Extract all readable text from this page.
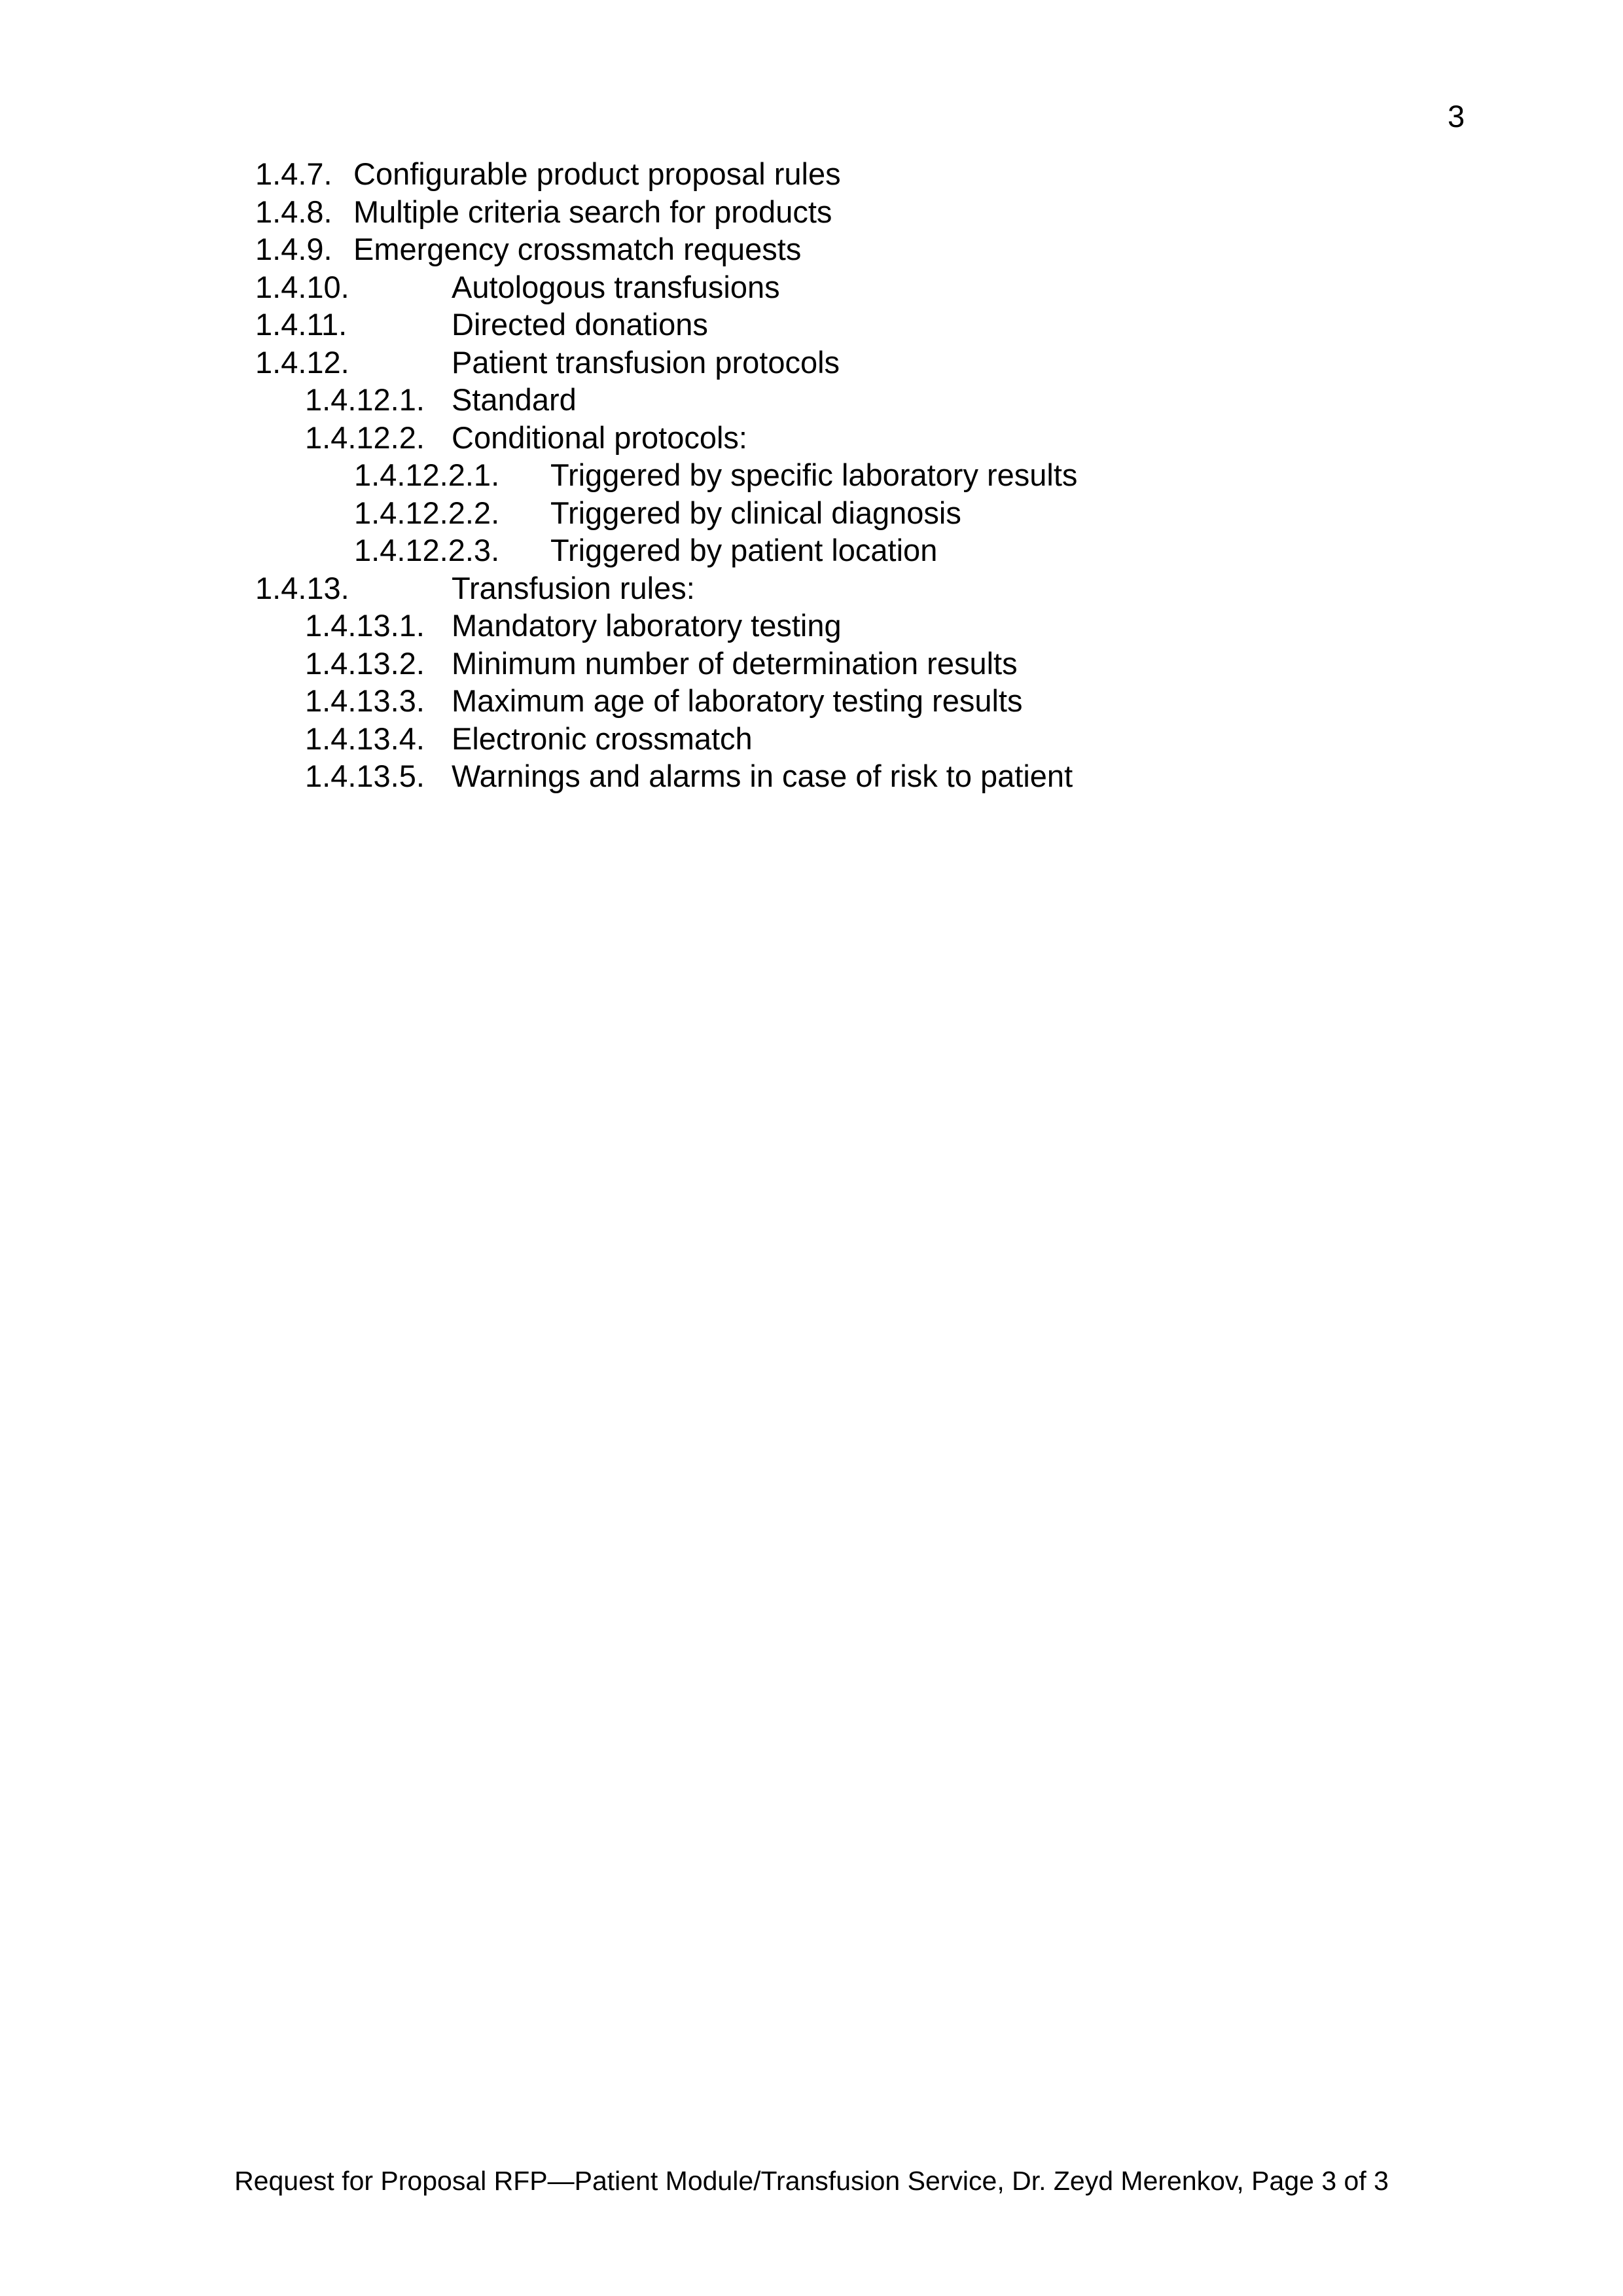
3
1.4.7. Configurable product proposal rules
1.4.8. Multiple criteria search for products
1.4.9. Emergency crossmatch requests
1.4.10.	Autologous transfusions
1.4.11.	Directed donations
1.4.12.	Patient transfusion protocols
1.4.12.1. Standard
1.4.12.2. Conditional protocols:
1.4.12.2.1. Triggered by specific laboratory results
1.4.12.2.2. Triggered by clinical diagnosis
1.4.12.2.3. Triggered by patient location
1.4.13.	Transfusion rules:
1.4.13.1. Mandatory laboratory testing
1.4.13.2. Minimum number of determination results
1.4.13.3. Maximum age of laboratory testing results
1.4.13.4. Electronic crossmatch
1.4.13.5. Warnings and alarms in case of risk to patient
Request for Proposal RFP—Patient Module/Transfusion Service, Dr. Zeyd Merenkov, Page 3 of 3
